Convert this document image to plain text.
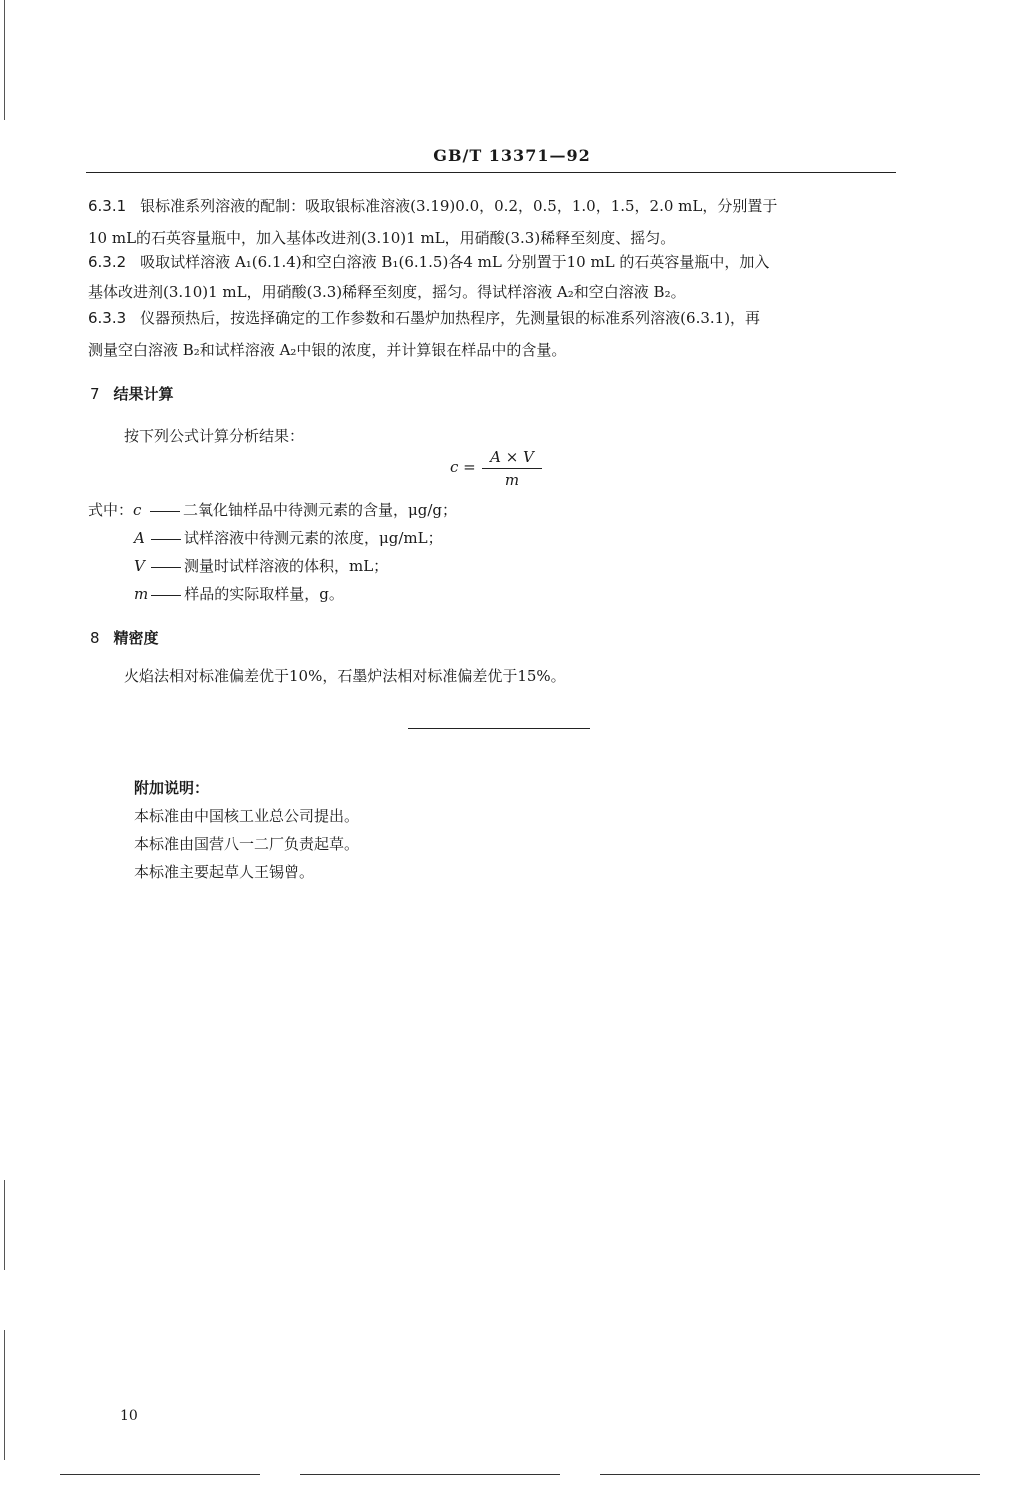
GB/T 13371—92
6.3.1 银标准系列溶液的配制：吸取银标准溶液(3.19)0.0，0.2，0.5，1.0，1.5，2.0 mL，分别置于
10 mL的石英容量瓶中，加入基体改进剂(3.10)1 mL，用硝酸(3.3)稀释至刻度、摇匀。
6.3.2 吸取试样溶液 A₁(6.1.4)和空白溶液 B₁(6.1.5)各4 mL 分别置于10 mL 的石英容量瓶中，加入
基体改进剂(3.10)1 mL，用硝酸(3.3)稀释至刻度，摇匀。得试样溶液 A₂和空白溶液 B₂。
6.3.3 仪器预热后，按选择确定的工作参数和石墨炉加热程序，先测量银的标准系列溶液(6.3.1)，再
测量空白溶液 B₂和试样溶液 A₂中银的浓度，并计算银在样品中的含量。
7 结果计算
按下列公式计算分析结果：
$c = \frac{A \times V}{m}$
式中：c	二氧化铀样品中待测元素的含量，μg/g；
A	试样溶液中待测元素的浓度，μg/mL；
V	测量时试样溶液的体积，mL；
m 样品的实际取样量，g。
8 精密度
火焰法相对标准偏差优于10%，石墨炉法相对标准偏差优于15%。
附加说明：
本标准由中国核工业总公司提出。
本标准由国营八一二厂负责起草。
本标准主要起草人王锡曾。
10
